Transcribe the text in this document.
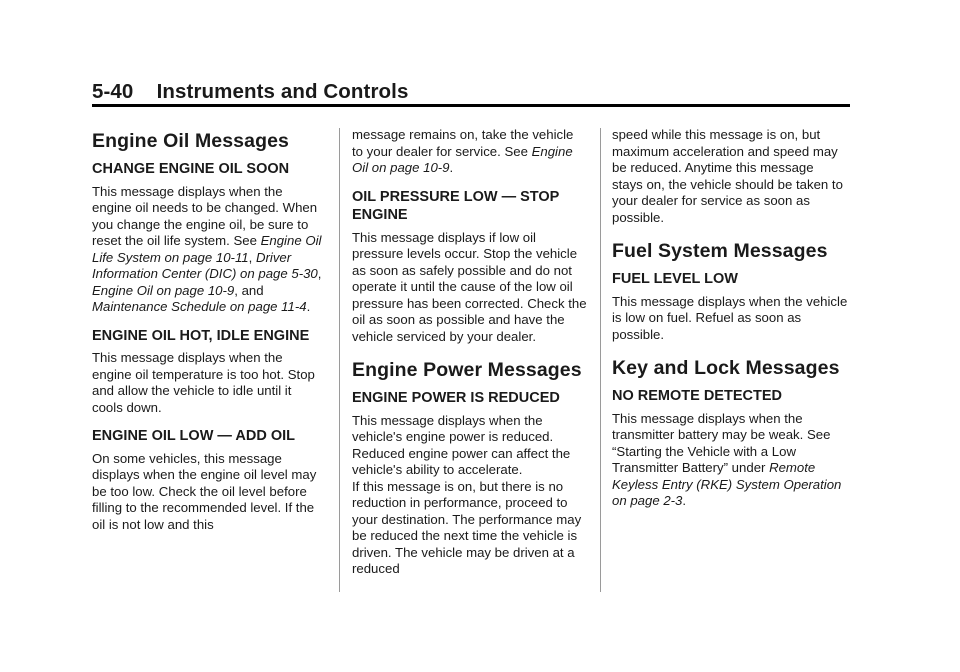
5-40 Instruments and Controls
Engine Oil Messages
CHANGE ENGINE OIL SOON

This message displays when the engine oil needs to be changed. When you change the engine oil, be sure to reset the oil life system. See Engine Oil Life System on page 10-11, Driver Information Center (DIC) on page 5-30, Engine Oil on page 10-9, and Maintenance Schedule on page 11-4.

ENGINE OIL HOT, IDLE ENGINE

This message displays when the engine oil temperature is too hot. Stop and allow the vehicle to idle until it cools down.

ENGINE OIL LOW — ADD OIL

On some vehicles, this message displays when the engine oil level may be too low. Check the oil level before filling to the recommended level. If the oil is not low and this

message remains on, take the vehicle to your dealer for service. See Engine Oil on page 10-9.

OIL PRESSURE LOW — STOP ENGINE

This message displays if low oil pressure levels occur. Stop the vehicle as soon as safely possible and do not operate it until the cause of the low oil pressure has been corrected. Check the oil as soon as possible and have the vehicle serviced by your dealer.

Engine Power Messages
ENGINE POWER IS REDUCED

This message displays when the vehicle's engine power is reduced. Reduced engine power can affect the vehicle's ability to accelerate.

If this message is on, but there is no reduction in performance, proceed to your destination. The performance may be reduced the next time the vehicle is driven. The vehicle may be driven at a reduced

speed while this message is on, but maximum acceleration and speed may be reduced. Anytime this message stays on, the vehicle should be taken to your dealer for service as soon as possible.

Fuel System Messages
FUEL LEVEL LOW

This message displays when the vehicle is low on fuel. Refuel as soon as possible.

Key and Lock Messages
NO REMOTE DETECTED

This message displays when the transmitter battery may be weak. See “Starting the Vehicle with a Low Transmitter Battery” under Remote Keyless Entry (RKE) System Operation on page 2-3.
